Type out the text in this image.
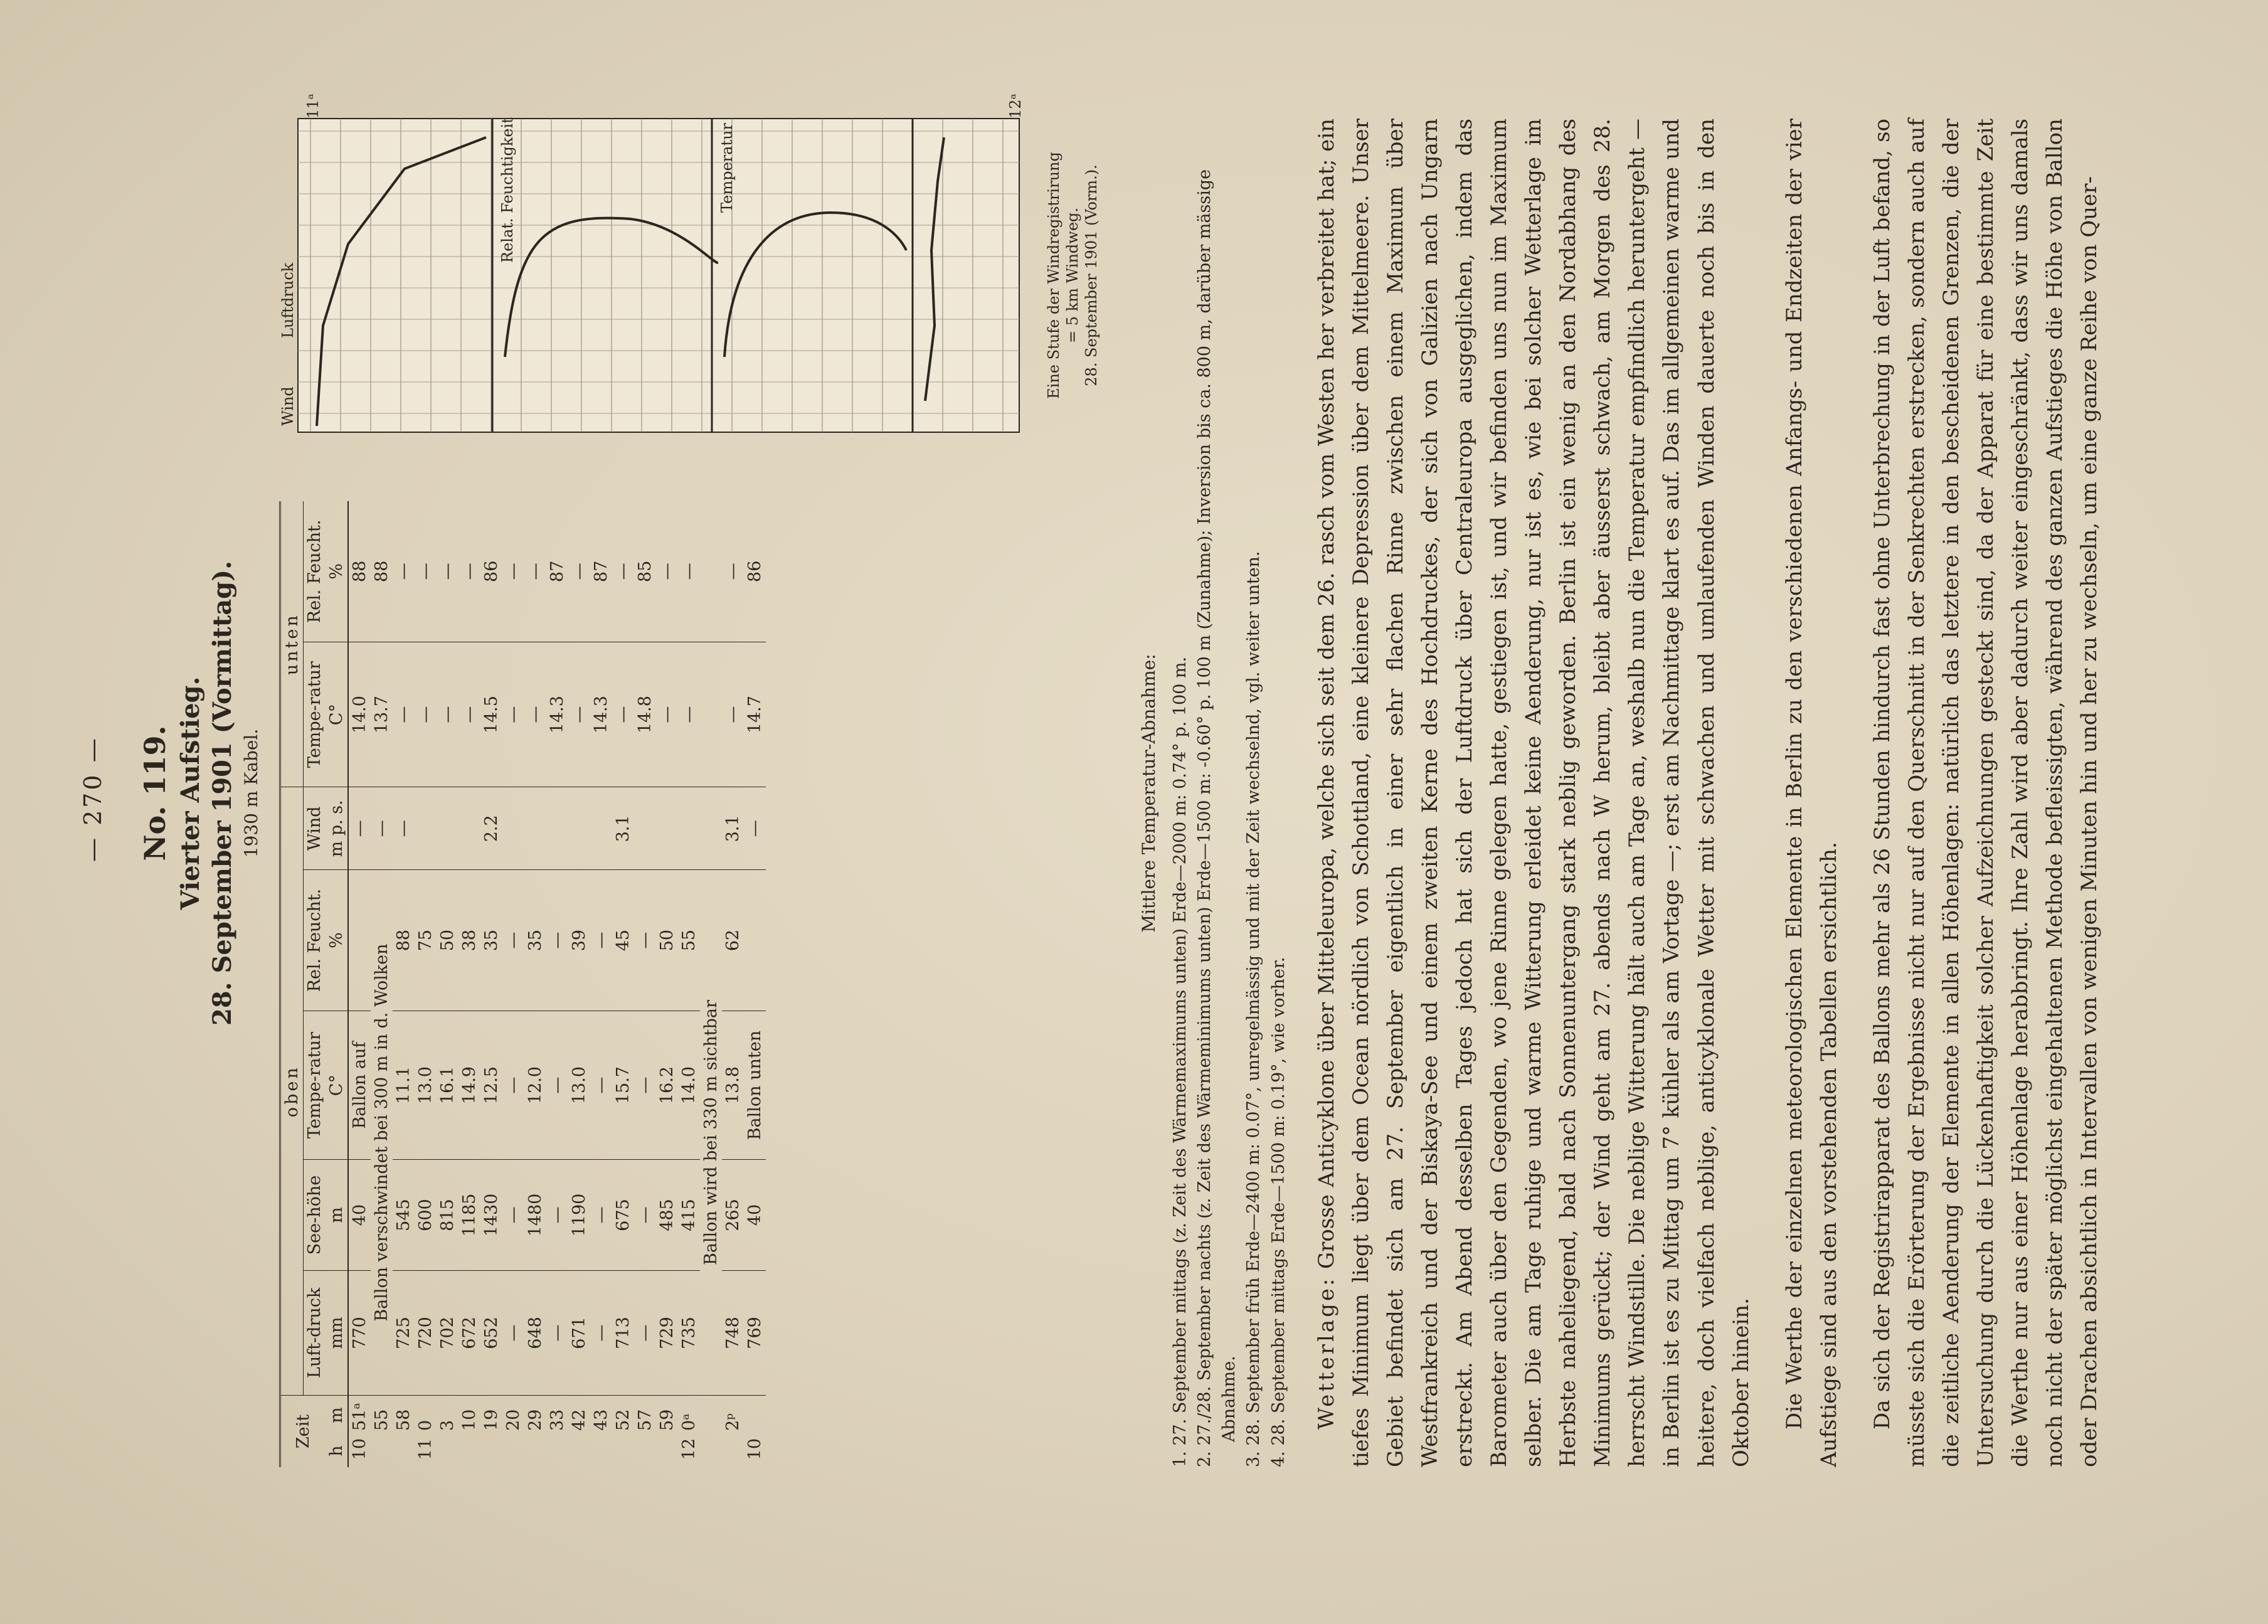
— 270 — No. 119. Vierter Aufstieg. 28. September 1901 (Vormittag). 1930 m Kabel.
Zeit		oben					unten	
		Luft-druck	See-höhe	Tempe-ratur	Rel. Feucht.	Wind	Tempe-ratur	Rel. Feucht.
h	m	mm	m	C°	%	m p. s.	C°	%
10	51ᵃ	770	40	Ballon auf		—	14.0	88
	55	Ballon verschwindet bei 300 m in d. Wolken				—	13.7	88
	58	725	545	11.1	88	—	—	—
11	0	720	600	13.0	75		—	—
	3	702	815	16.1	50		—	—
	10	672	1185	14.9	38		—	—
	19	652	1430	12.5	35	2.2	14.5	86
	20	—	—	—	—		—	—
	29	648	1480	12.0	35		—	—
	33	—	—	—	—		14.3	87
	42	671	1190	13.0	39		—	—
	43	—	—	—	—		14.3	87
	52	713	675	15.7	45	3.1	—	—
	57	—	—	—	—		14.8	85
	59	729	485	16.2	50		—	—
12	0ᵃ	735	415	14.0	55		—	—
		Ballon wird bei 330 m sichtbar						
	2ᵖ	748	265	13.8	62	3.1	—	—
10		769	40	Ballon unten		—	14.7	86
Wind
Luftdruck
Relat. Feuchtigkeit	Temperatur
11ᵃ	12ᵃ
Eine Stufe der Windregistrirung = 5 km Windweg. 28. September 1901 (Vorm.).
Mittlere Temperatur-Abnahme: 1. 27. September mittags (z. Zeit des Wärmemaximums unten) Erde—2000 m: 0.74° p. 100 m. 2. 27./28. September nachts (z. Zeit des Wärmeminimums unten) Erde—1500 m: -0.60° p. 100 m (Zunahme); Inversion bis ca. 800 m, darüber mässige Abnahme. 3. 28. September früh Erde—2400 m: 0.07°, unregelmässig und mit der Zeit wechselnd, vgl. weiter unten. 4. 28. September mittags Erde—1500 m: 0.19°, wie vorher. Wetterlage: Grosse Anticyklone über Mitteleuropa, welche sich seit dem 26. rasch vom Westen her verbreitet hat; ein tiefes Minimum liegt über dem Ocean nördlich von Schottland, eine kleinere Depression über dem Mittelmeere. Unser Gebiet befindet sich am 27. September eigentlich in einer sehr flachen Rinne zwischen einem Maximum über Westfrankreich und der Biskaya-See und einem zweiten Kerne des Hochdruckes, der sich von Galizien nach Ungarn erstreckt. Am Abend desselben Tages jedoch hat sich der Luftdruck über Centraleuropa ausgeglichen, indem das Barometer auch über den Gegenden, wo jene Rinne gelegen hatte, gestiegen ist, und wir befinden uns nun im Maximum selber. Die am Tage ruhige und warme Witterung erleidet keine Aenderung, nur ist es, wie bei solcher Wetterlage im Herbste naheliegend, bald nach Sonnenuntergang stark neblig geworden. Berlin ist ein wenig an den Nordabhang des Minimums gerückt; der Wind geht am 27. abends nach W herum, bleibt aber äusserst schwach, am Morgen des 28. herrscht Windstille. Die neblige Witterung hält auch am Tage an, weshalb nun die Temperatur empfindlich heruntergeht — in Berlin ist es zu Mittag um 7° kühler als am Vortage —; erst am Nachmittage klart es auf. Das im allgemeinen warme und heitere, doch vielfach neblige, anticyklonale Wetter mit schwachen und umlaufenden Winden dauerte noch bis in den Oktober hinein. Die Werthe der einzelnen meteorologischen Elemente in Berlin zu den verschiedenen Anfangs- und Endzeiten der vier Aufstiege sind aus den vorstehenden Tabellen ersichtlich. Da sich der Registrirapparat des Ballons mehr als 26 Stunden hindurch fast ohne Unterbrechung in der Luft befand, so müsste sich die Erörterung der Ergebnisse nicht nur auf den Querschnitt in der Senkrechten erstrecken, sondern auch auf die zeitliche Aenderung der Elemente in allen Höhenlagen: natürlich das letztere in den bescheidenen Grenzen, die der Untersuchung durch die Lückenhaftigkeit solcher Aufzeichnungen gesteckt sind, da der Apparat für eine bestimmte Zeit die Werthe nur aus einer Höhenlage herabbringt. Ihre Zahl wird aber dadurch weiter eingeschränkt, dass wir uns damals noch nicht der später möglichst eingehaltenen Methode befleissigten, während des ganzen Aufstieges die Höhe von Ballon oder Drachen absichtlich in Intervallen von wenigen Minuten hin und her zu wechseln, um eine ganze Reihe von Quer-
